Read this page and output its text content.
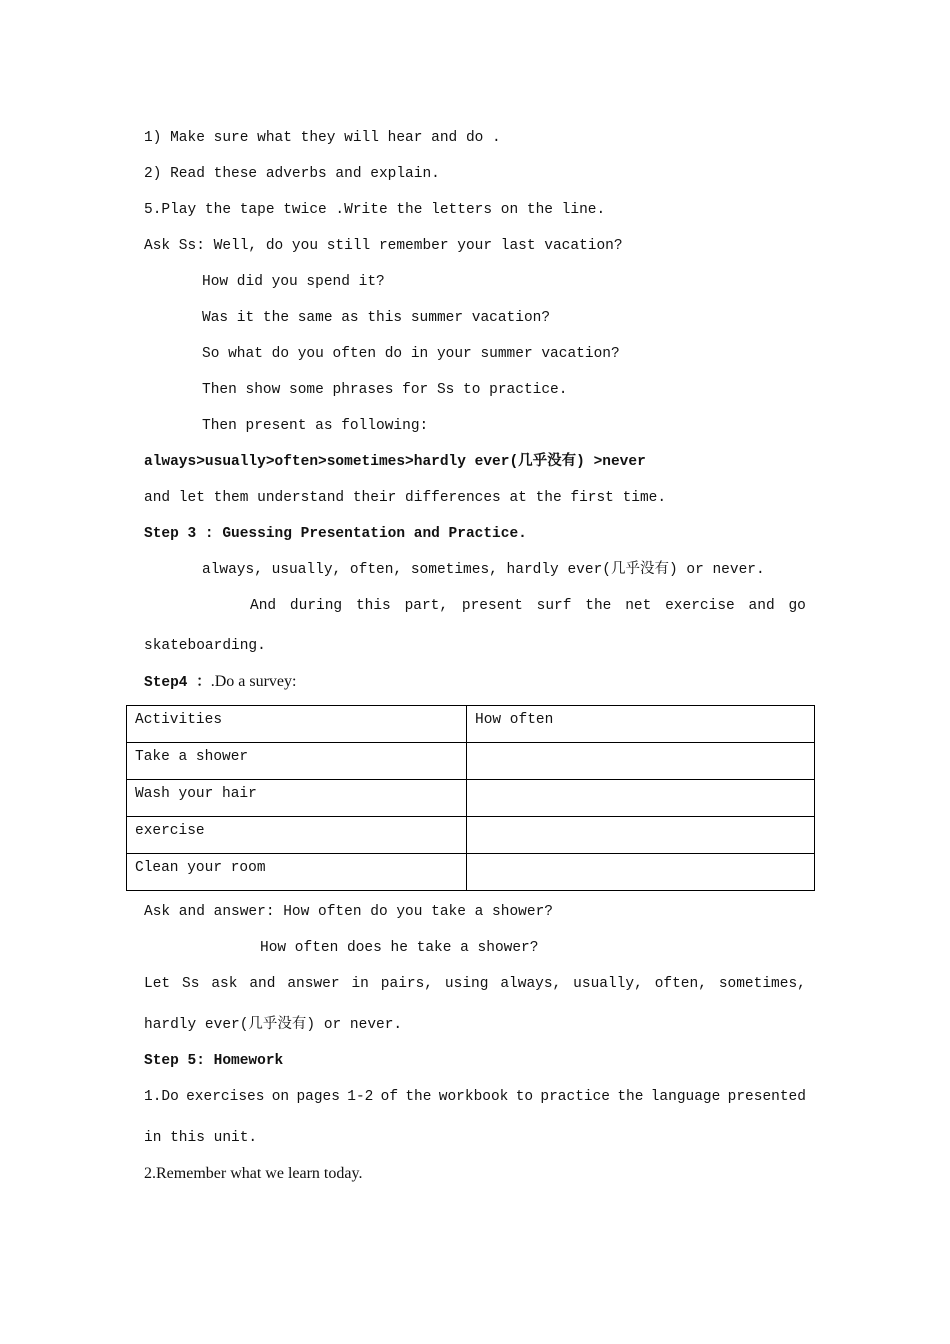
1) Make sure what they will hear and do .
2) Read these adverbs and explain.
5.Play the tape twice .Write the letters on the line.
Ask Ss: Well, do you still remember your last vacation?
How did you spend it?
Was it the same as this summer vacation?
So what do you often do in your summer vacation?
Then show some phrases for Ss to practice.
Then present as following:
always>usually>often>sometimes>hardly ever(几乎没有) >never
and let them understand their differences at the first time.
Step 3 : Guessing Presentation and Practice.
always, usually, often, sometimes, hardly ever(几乎没有) or never.
And during this part, present surf the net exercise and go
skateboarding.
Step4 ：.Do a survey:
Activities	How often
Take a shower	
Wash your hair	
exercise	
Clean your room	
Ask and answer: How often do you take a shower?
How often does he take a shower?
Let Ss ask and answer in pairs, using always, usually, often, sometimes,
hardly ever(几乎没有) or never.
Step 5: Homework
1.Do exercises on pages 1-2 of the workbook to practice the language presented
in this unit.
2.Remember what we learn today.
